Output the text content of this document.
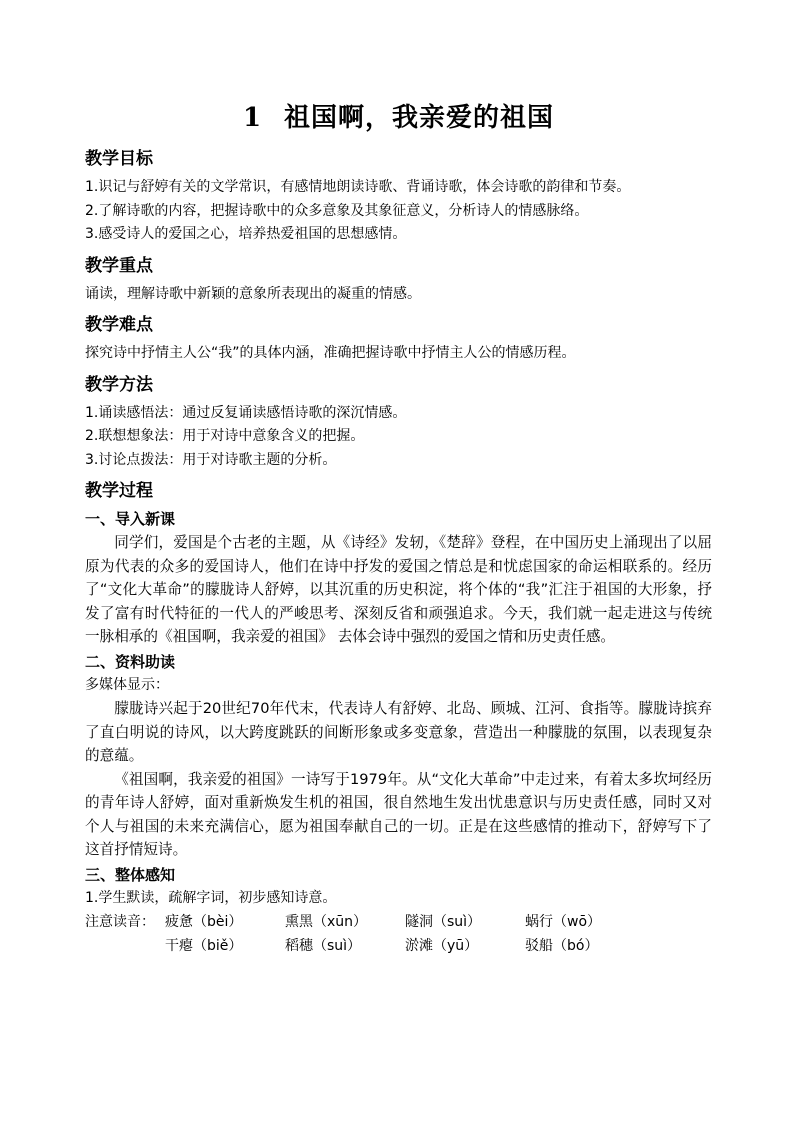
1 祖国啊，我亲爱的祖国
教学目标

1.识记与舒婷有关的文学常识，有感情地朗读诗歌、背诵诗歌，体会诗歌的韵律和节奏。

2.了解诗歌的内容，把握诗歌中的众多意象及其象征意义，分析诗人的情感脉络。

3.感受诗人的爱国之心，培养热爱祖国的思想感情。

教学重点

诵读，理解诗歌中新颖的意象所表现出的凝重的情感。

教学难点

探究诗中抒情主人公“我”的具体内涵，准确把握诗歌中抒情主人公的情感历程。

教学方法

1.诵读感悟法：通过反复诵读感悟诗歌的深沉情感。

2.联想想象法：用于对诗中意象含义的把握。

3.讨论点拨法：用于对诗歌主题的分析。

教学过程
一、导入新课

同学们，爱国是个古老的主题，从《诗经》发轫，《楚辞》登程，在中国历史上涌现出了以屈原为代表的众多的爱国诗人，他们在诗中抒发的爱国之情总是和忧虑国家的命运相联系的。经历了“文化大革命”的朦胧诗人舒婷，以其沉重的历史积淀，将个体的“我”汇注于祖国的大形象，抒发了富有时代特征的一代人的严峻思考、深刻反省和顽强追求。今天，我们就一起走进这与传统一脉相承的《祖国啊，我亲爱的祖国》 去体会诗中强烈的爱国之情和历史责任感。

二、资料助读

多媒体显示：

朦胧诗兴起于20世纪70年代末，代表诗人有舒婷、北岛、顾城、江河、食指等。朦胧诗摈弃了直白明说的诗风，以大跨度跳跃的间断形象或多变意象，营造出一种朦胧的氛围，以表现复杂的意蕴。

《祖国啊，我亲爱的祖国》一诗写于1979年。从“文化大革命”中走过来，有着太多坎坷经历的青年诗人舒婷，面对重新焕发生机的祖国，很自然地生发出忧患意识与历史责任感，同时又对个人与祖国的未来充满信心，愿为祖国奉献自己的一切。正是在这些感情的推动下，舒婷写下了这首抒情短诗。

三、整体感知

1.学生默读，疏解字词，初步感知诗意。

注意读音： 疲惫（bèi）	熏黑（xūn）	隧洞（suì）	蜗行（wō）
干瘪（biě）	稻穗（suì）	淤滩（yū）	驳船（bó）
